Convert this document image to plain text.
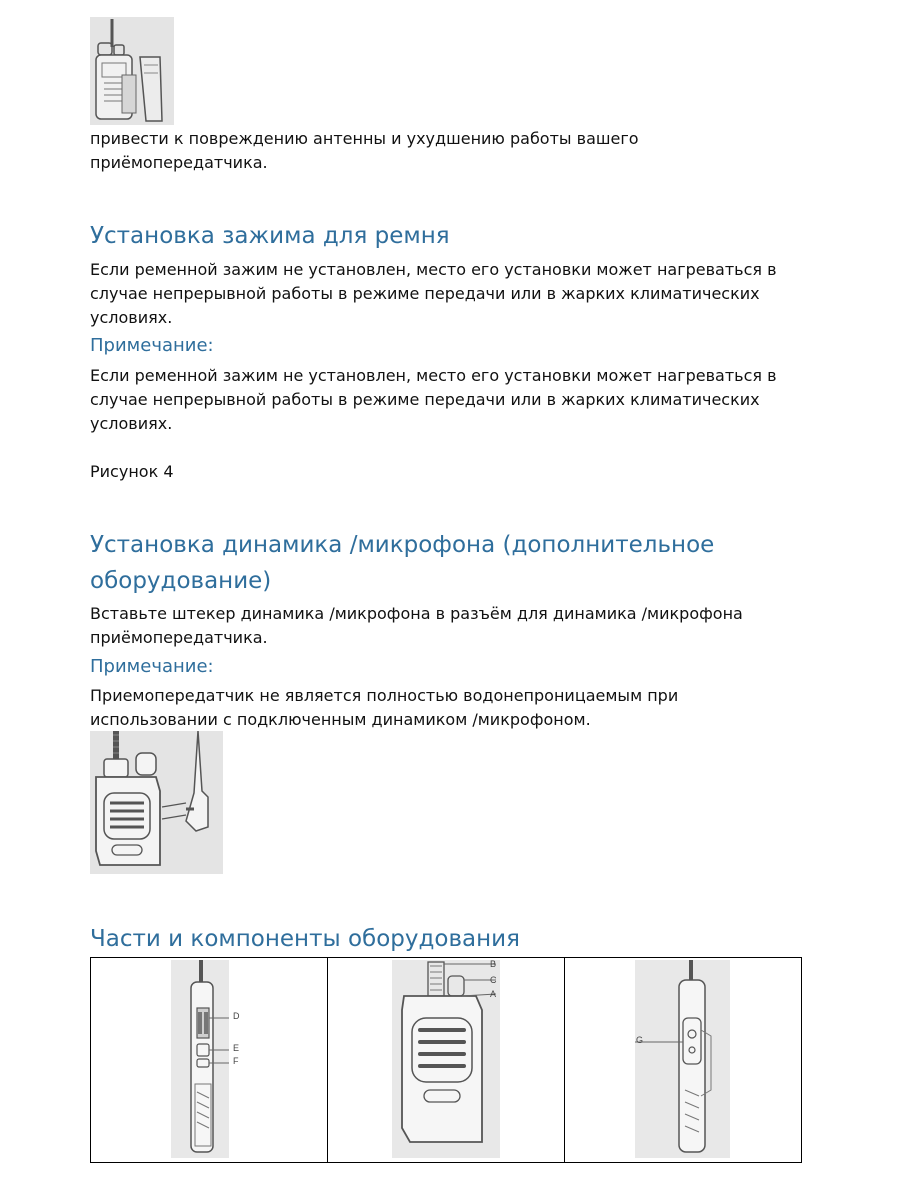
привести к повреждению антенны и ухудшению работы вашего
приёмопередатчика.
Установка зажима для ремня
Если ременной зажим не установлен, место его установки может нагреваться в
случае непрерывной работы в режиме передачи или в жарких климатических
условиях.
Примечание:
Если ременной зажим не установлен, место его установки может нагреваться в
случае непрерывной работы в режиме передачи или в жарких климатических
условиях.
Рисунок 4
Установка динамика /микрофона (дополнительное
оборудование)
Вставьте штекер динамика /микрофона в разъём для динамика /микрофона
приёмопередатчика.
Примечание:
Приемопередатчик не является полностью водонепроницаемым при
использовании с подключенным динамиком /микрофоном.
Части и компоненты оборудования
D
E
F
B
C
A
G
